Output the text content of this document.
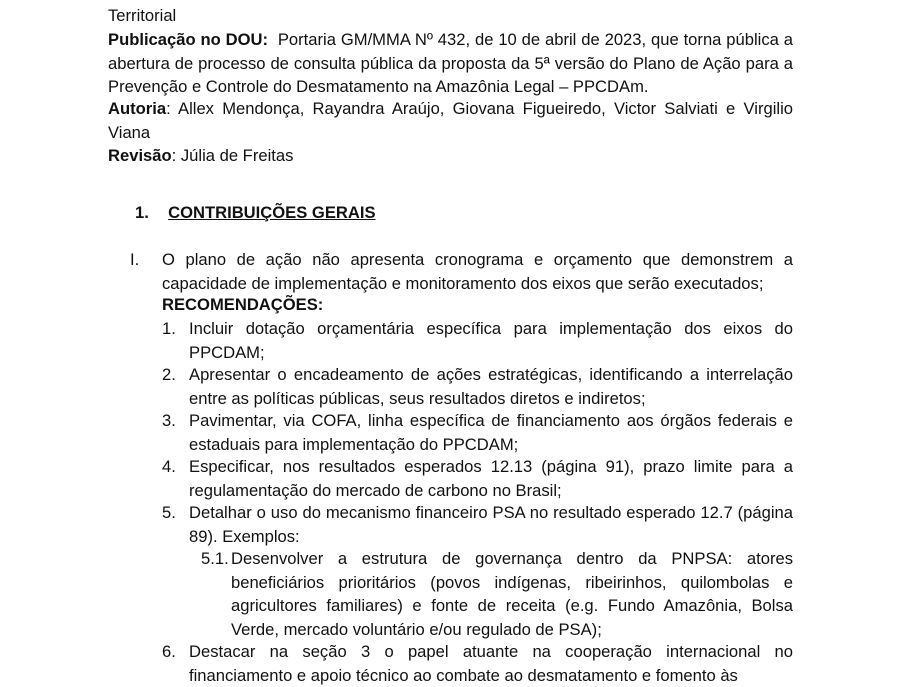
Territorial
Publicação no DOU: Portaria GM/MMA Nº 432, de 10 de abril de 2023, que torna pública a abertura de processo de consulta pública da proposta da 5ª versão do Plano de Ação para a Prevenção e Controle do Desmatamento na Amazônia Legal – PPCDAm.
Autoria: Allex Mendonça, Rayandra Araújo, Giovana Figueiredo, Victor Salviati e Virgilio Viana
Revisão: Júlia de Freitas
1. CONTRIBUIÇÕES GERAIS
I. O plano de ação não apresenta cronograma e orçamento que demonstrem a capacidade de implementação e monitoramento dos eixos que serão executados;
RECOMENDAÇÕES:
1. Incluir dotação orçamentária específica para implementação dos eixos do PPCDAM;
2. Apresentar o encadeamento de ações estratégicas, identificando a interrelação entre as políticas públicas, seus resultados diretos e indiretos;
3. Pavimentar, via COFA, linha específica de financiamento aos órgãos federais e estaduais para implementação do PPCDAM;
4. Especificar, nos resultados esperados 12.13 (página 91), prazo limite para a regulamentação do mercado de carbono no Brasil;
5. Detalhar o uso do mecanismo financeiro PSA no resultado esperado 12.7 (página 89). Exemplos:
5.1. Desenvolver a estrutura de governança dentro da PNPSA: atores beneficiários prioritários (povos indígenas, ribeirinhos, quilombolas e agricultores familiares) e fonte de receita (e.g. Fundo Amazônia, Bolsa Verde, mercado voluntário e/ou regulado de PSA);
6. Destacar na seção 3 o papel atuante na cooperação internacional no financiamento e apoio técnico ao combate ao desmatamento e fomento às
